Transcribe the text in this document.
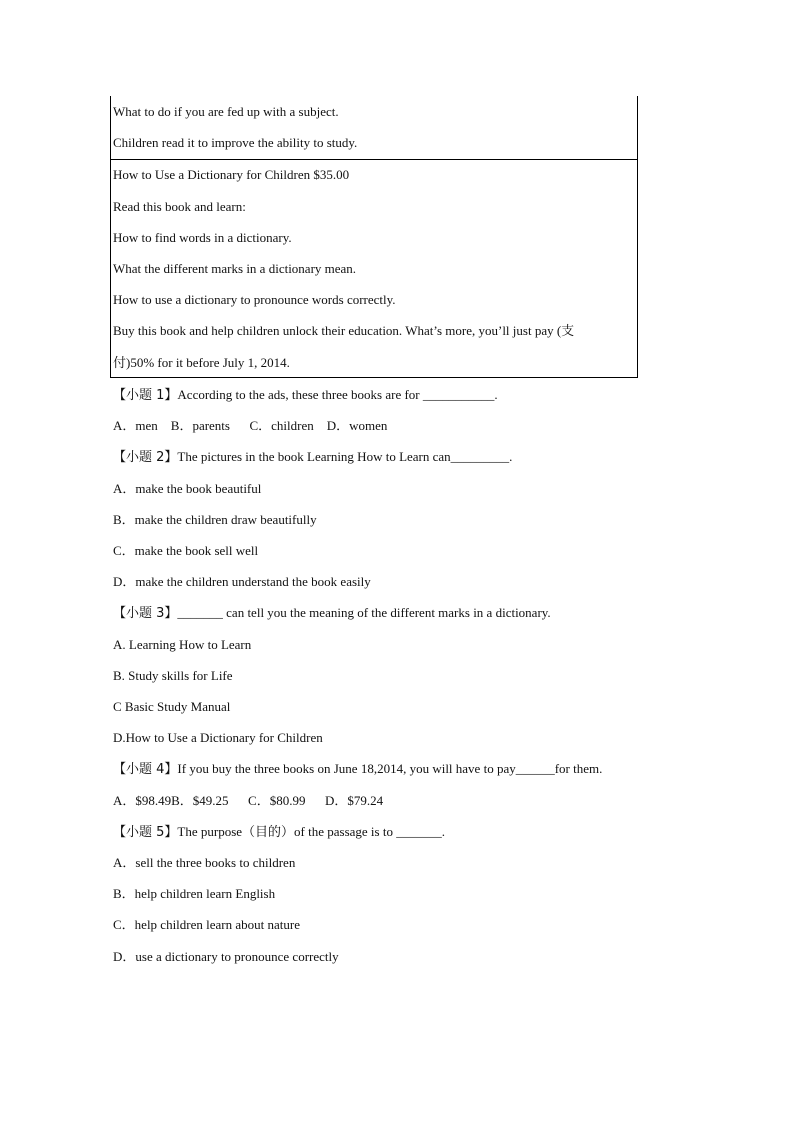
What to do if you are fed up with a subject.
Children read it to improve the ability to study.
How to Use a Dictionary for Children $35.00
Read this book and learn:
How to find words in a dictionary.
What the different marks in a dictionary mean.
How to use a dictionary to pronounce words correctly.
Buy this book and help children unlock their education. What’s more, you’ll just pay (支
付)50% for it before July 1, 2014.
【小题 1】According to the ads, these three books are for ___________.
A．men    B．parents      C．children    D．women
【小题 2】The pictures in the book Learning How to Learn can_________.
A．make the book beautiful
B．make the children draw beautifully
C．make the book sell well
D．make the children understand the book easily
【小题 3】_______ can tell you the meaning of the different marks in a dictionary.
A. Learning How to Learn
B. Study skills for Life
C Basic Study Manual
D.How to Use a Dictionary for Children
【小题 4】If you buy the three books on June 18,2014, you will have to pay______for them.
A．$98.49B．$49.25      C．$80.99      D．$79.24
【小题 5】The purpose（目的）of the passage is to _______.
A．sell the three books to children
B．help children learn English
C．help children learn about nature
D．use a dictionary to pronounce correctly
